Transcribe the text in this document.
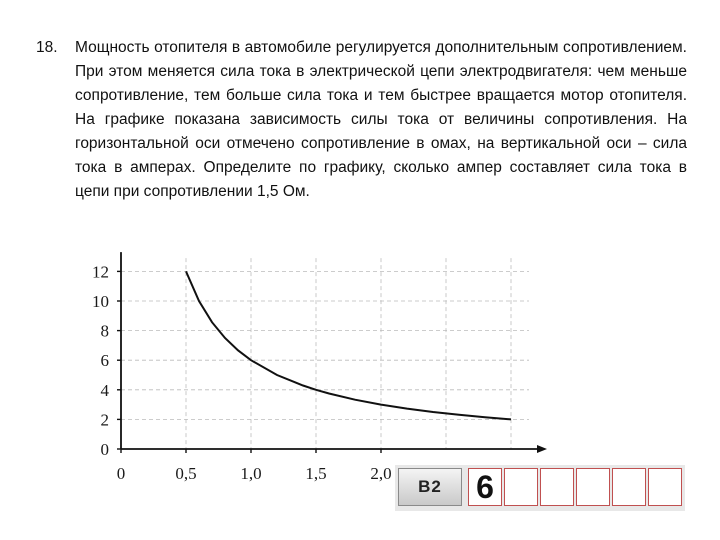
18. Мощность отопителя в автомобиле регулируется дополнительным сопротивлением. При этом меняется сила тока в электрической цепи электродвигателя: чем меньше сопротивление, тем больше сила тока и тем быстрее вращается мотор отопителя. На графике показана зависимость силы тока от величины сопротивления. На горизонтальной оси отмечено сопротивление в омах, на вертикальной оси – сила тока в амперах. Определите по графику, сколько ампер составляет сила тока в цепи при сопротивлении 1,5 Ом.
0
2
4
6
8
10
12
0	0,5	1,0	1,5	2,0
B2	6
